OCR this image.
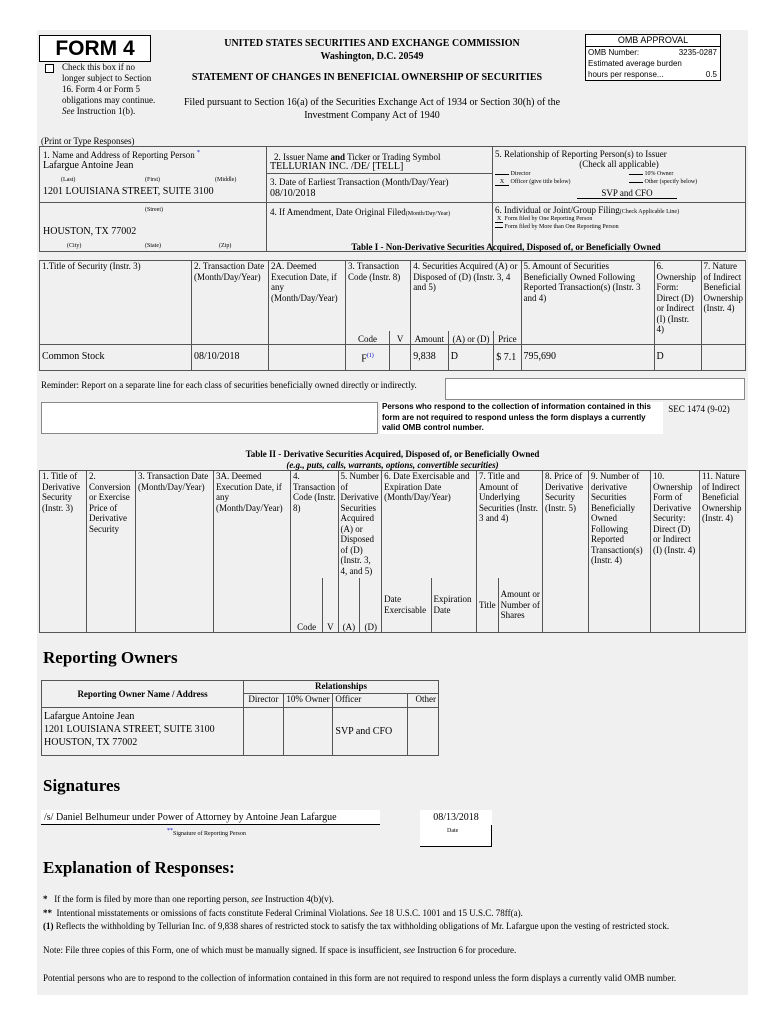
FORM 4
Check this box if no longer subject to Section 16. Form 4 or Form 5 obligations may continue. See Instruction 1(b).
UNITED STATES SECURITIES AND EXCHANGE COMMISSION
Washington, D.C. 20549
STATEMENT OF CHANGES IN BENEFICIAL OWNERSHIP OF SECURITIES
Filed pursuant to Section 16(a) of the Securities Exchange Act of 1934 or Section 30(h) of the
Investment Company Act of 1940
OMB APPROVAL
OMB Number:	3235-0287
Estimated average burden
hours per response...	0.5
(Print or Type Responses)
1. Name and Address of Reporting Person *
Lafargue Antoine Jean
(Last)	(First)	(Middle)
1201 LOUISIANA STREET, SUITE 3100
(Street)
HOUSTON, TX 77002
(City)	(State)	(Zip)
2. Issuer Name and Ticker or Trading Symbol
TELLURIAN INC. /DE/ [TELL]
3. Date of Earliest Transaction (Month/Day/Year)
08/10/2018
4. If Amendment, Date Original Filed(Month/Day/Year)
5. Relationship of Reporting Person(s) to Issuer
(Check all applicable)
Director	10% Owner
X Officer (give title below)	Other (specify below)
SVP and CFO
6. Individual or Joint/Group Filing(Check Applicable Line)
X Form filed by One Reporting Person
Form filed by More than One Reporting Person
Table I - Non-Derivative Securities Acquired, Disposed of, or Beneficially Owned
1.Title of Security (Instr. 3)	2. Transaction Date (Month/Day/Year)	2A. Deemed Execution Date, if any (Month/Day/Year)	3. Transaction Code (Instr. 8)		4. Securities Acquired (A) or Disposed of (D) (Instr. 3, 4 and 5)			5. Amount of Securities Beneficially Owned Following Reported Transaction(s) (Instr. 3 and 4)	6. Ownership Form: Direct (D) or Indirect (I) (Instr. 4)	7. Nature of Indirect Beneficial Ownership (Instr. 4)
			Code	V	Amount	(A) or (D)	Price			
Common Stock	08/10/2018		$F^{(1)}$		9,838	D	$ 7.1	795,690	D	
Reminder: Report on a separate line for each class of securities beneficially owned directly or indirectly.
Persons who respond to the collection of information contained in this form are not required to respond unless the form displays a currently valid OMB control number.
SEC 1474 (9-02)
Table II - Derivative Securities Acquired, Disposed of, or Beneficially Owned
(e.g., puts, calls, warrants, options, convertible securities)
1. Title of Derivative Security (Instr. 3)	2. Conversion or Exercise Price of Derivative Security	3. Transaction Date (Month/Day/Year)	3A. Deemed Execution Date, if any (Month/Day/Year)	4. Transaction Code (Instr. 8)		5. Number of Derivative Securities Acquired (A) or Disposed of (D) (Instr. 3, 4, and 5)		6. Date Exercisable and Expiration Date (Month/Day/Year)		7. Title and Amount of Underlying Securities (Instr. 3 and 4)		8. Price of Derivative Security (Instr. 5)	9. Number of derivative Securities Beneficially Owned Following Reported Transaction(s) (Instr. 4)	10. Ownership Form of Derivative Security: Direct (D) or Indirect (I) (Instr. 4)	11. Nature of Indirect Beneficial Ownership (Instr. 4)
				Code	V	(A)	(D)	Date Exercisable	Expiration Date	Title	Amount or Number of Shares				
Reporting Owners
Reporting Owner Name / Address	Relationships			
	Director	10% Owner	Officer	Other

Lafargue Antoine Jean
1201 LOUISIANA STREET, SUITE 3100
HOUSTON, TX 77002			SVP and CFO	
Signatures
/s/ Daniel Belhumeur under Power of Attorney by Antoine Jean Lafargue	08/13/2018
**Signature of Reporting Person	Date
Explanation of Responses:
* If the form is filed by more than one reporting person, see Instruction 4(b)(v).
** Intentional misstatements or omissions of facts constitute Federal Criminal Violations. See 18 U.S.C. 1001 and 15 U.S.C. 78ff(a).
(1) Reflects the withholding by Tellurian Inc. of 9,838 shares of restricted stock to satisfy the tax withholding obligations of Mr. Lafargue upon the vesting of restricted stock.
Note: File three copies of this Form, one of which must be manually signed. If space is insufficient, see Instruction 6 for procedure.
Potential persons who are to respond to the collection of information contained in this form are not required to respond unless the form displays a currently valid OMB number.
